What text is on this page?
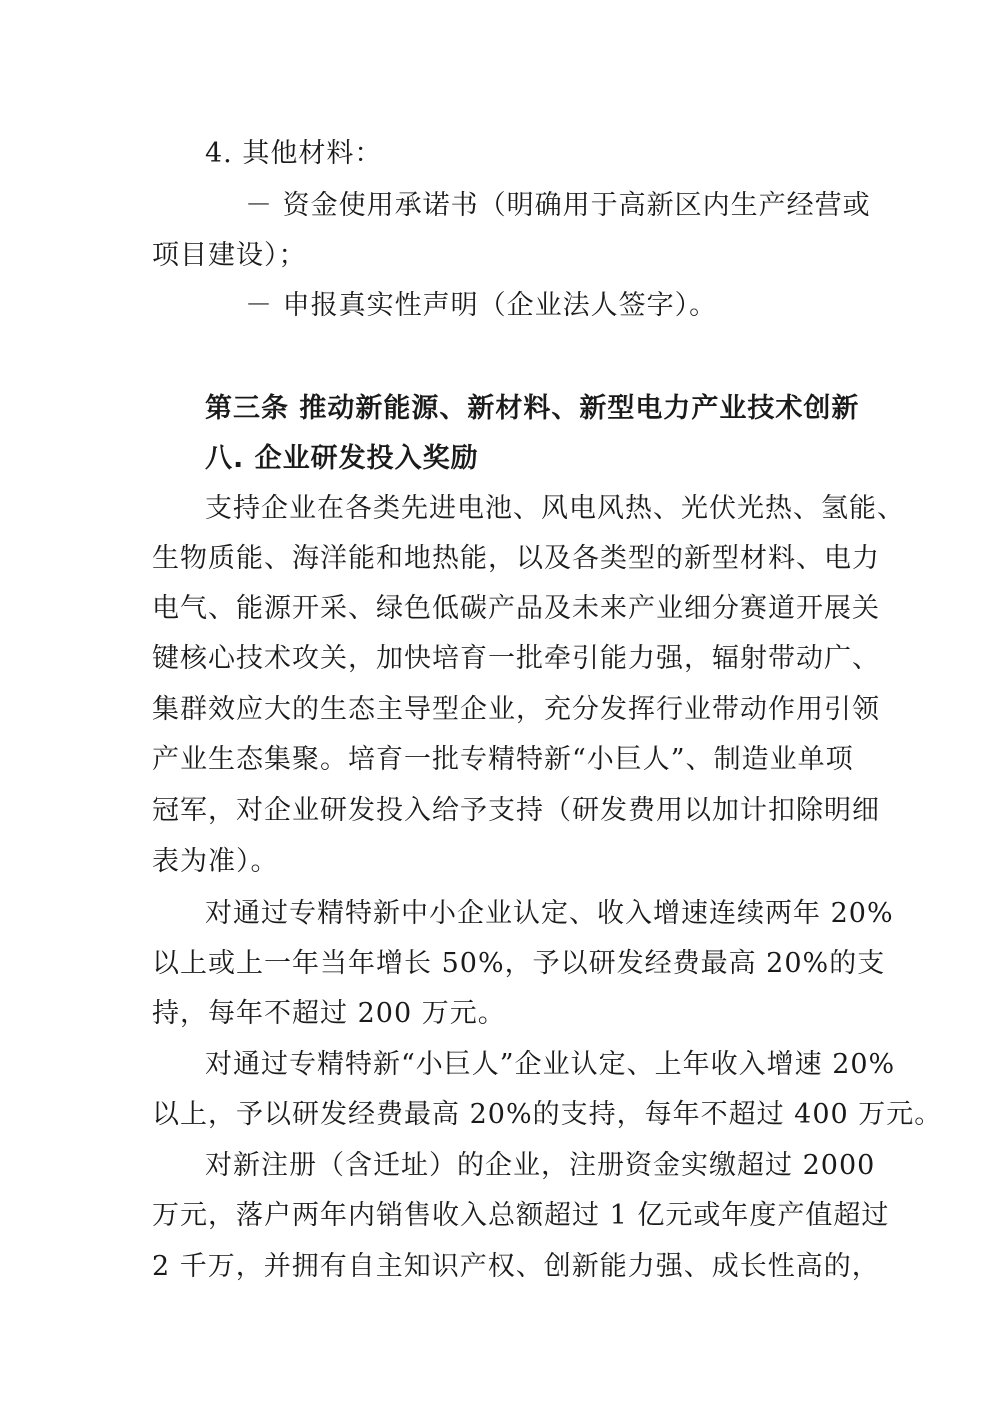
4. 其他材料：
－ 资金使用承诺书（明确用于高新区内生产经营或
项目建设）；
－ 申报真实性声明（企业法人签字）。
第三条 推动新能源、新材料、新型电力产业技术创新
八. 企业研发投入奖励
支持企业在各类先进电池、风电风热、光伏光热、氢能、
生物质能、海洋能和地热能，以及各类型的新型材料、电力
电气、能源开采、绿色低碳产品及未来产业细分赛道开展关
键核心技术攻关，加快培育一批牵引能力强，辐射带动广、
集群效应大的生态主导型企业，充分发挥行业带动作用引领
产业生态集聚。培育一批专精特新“小巨人”、制造业单项
冠军，对企业研发投入给予支持（研发费用以加计扣除明细
表为准）。
对通过专精特新中小企业认定、收入增速连续两年 20%
以上或上一年当年增长 50%，予以研发经费最高 20%的支
持，每年不超过 200 万元。
对通过专精特新“小巨人”企业认定、上年收入增速 20%
以上，予以研发经费最高 20%的支持，每年不超过 400 万元。
对新注册（含迁址）的企业，注册资金实缴超过 2000
万元，落户两年内销售收入总额超过 1 亿元或年度产值超过
2 千万，并拥有自主知识产权、创新能力强、成长性高的，
